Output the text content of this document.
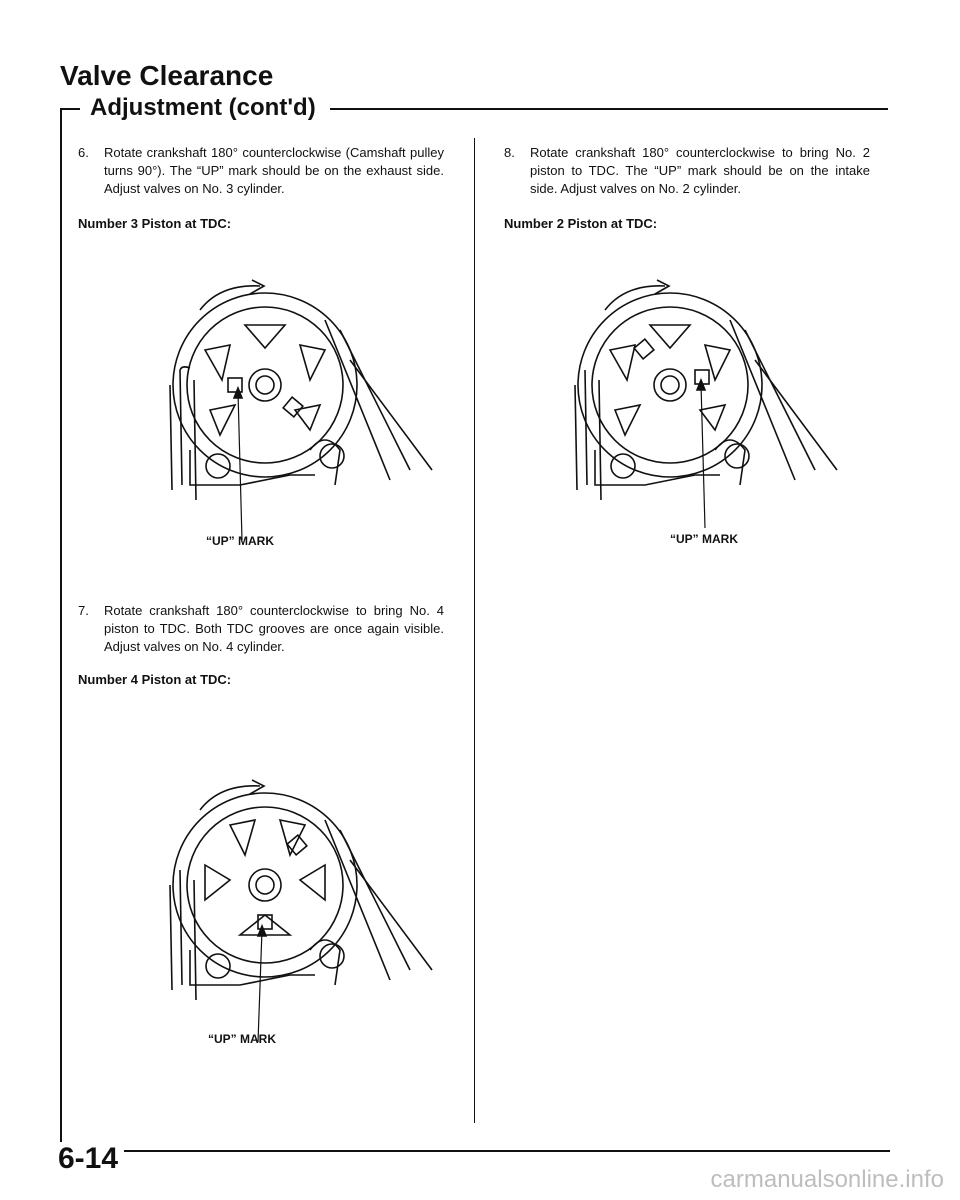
Valve Clearance
Adjustment (cont'd)
6. Rotate crankshaft 180° counterclockwise (Camshaft pulley turns 90°). The “UP” mark should be on the exhaust side. Adjust valves on No. 3 cylinder.

Number 3 Piston at TDC:

“UP” MARK

7. Rotate crankshaft 180° counterclockwise to bring No. 4 piston to TDC. Both TDC grooves are once again visible. Adjust valves on No. 4 cylinder.

Number 4 Piston at TDC:

“UP” MARK

8. Rotate crankshaft 180° counterclockwise to bring No. 2 piston to TDC. The “UP” mark should be on the intake side. Adjust valves on No. 2 cylinder.

Number 2 Piston at TDC:

“UP” MARK

6-14

carmanualsonline.info
